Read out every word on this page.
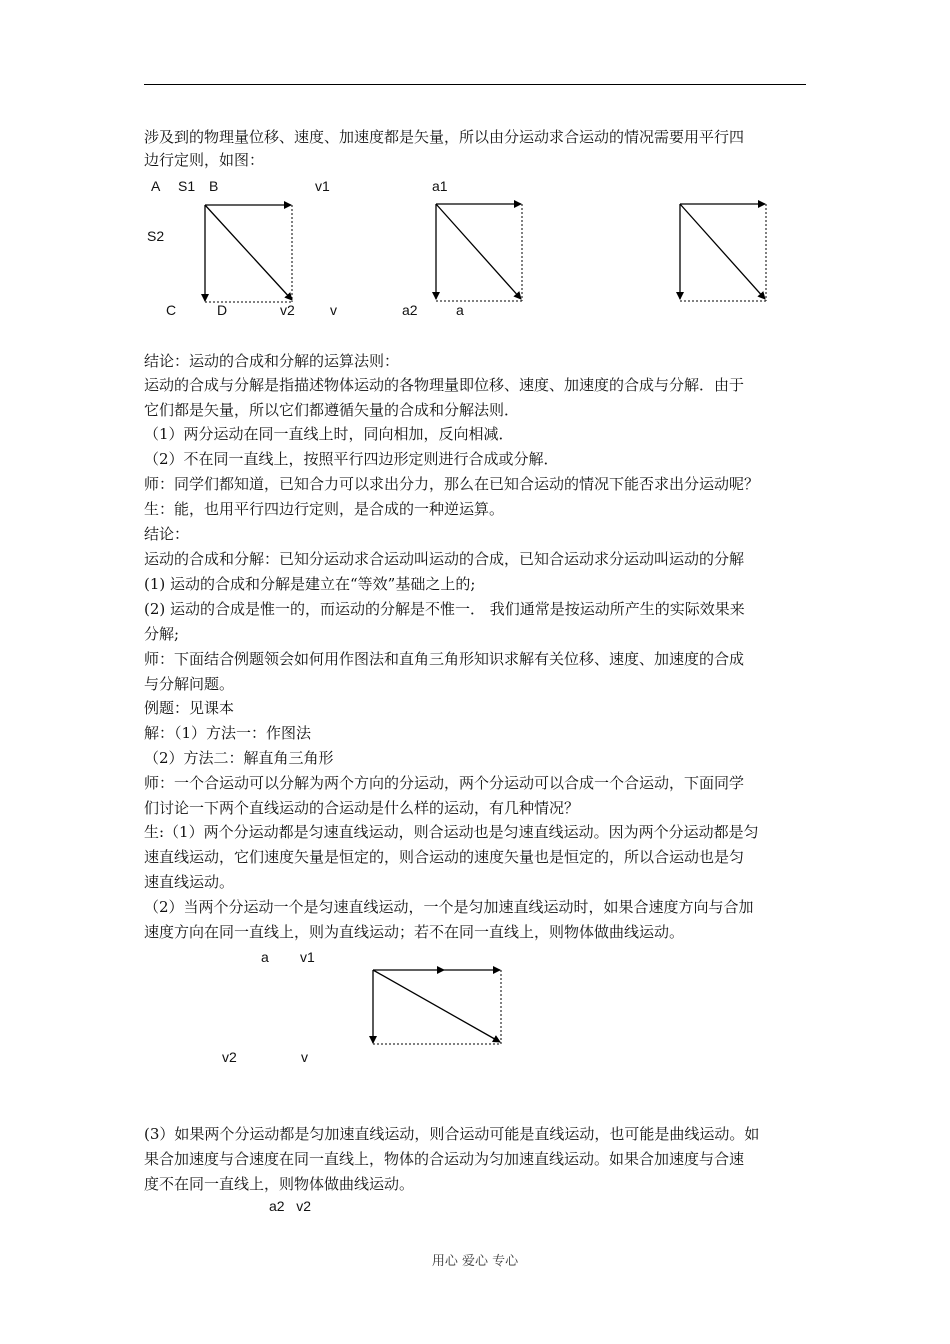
涉及到的物理量位移、速度、加速度都是矢量，所以由分运动求合运动的情况需要用平行四
边行定则，如图：
A S1 B	v1	a1
S2
C	D	v2	v	a2	a
结论：运动的合成和分解的运算法则：
运动的合成与分解是指描述物体运动的各物理量即位移、速度、加速度的合成与分解．由于
它们都是矢量，所以它们都遵循矢量的合成和分解法则．
（1）两分运动在同一直线上时，同向相加，反向相减．
（2）不在同一直线上，按照平行四边形定则进行合成或分解．
师：同学们都知道，已知合力可以求出分力，那么在已知合运动的情况下能否求出分运动呢？
生：能，也用平行四边行定则，是合成的一种逆运算。
结论：
运动的合成和分解：已知分运动求合运动叫运动的合成，已知合运动求分运动叫运动的分解
(1) 运动的合成和分解是建立在“等效”基础之上的;
(2) 运动的合成是惟一的，而运动的分解是不惟一． 我们通常是按运动所产生的实际效果来
分解;
师：下面结合例题领会如何用作图法和直角三角形知识求解有关位移、速度、加速度的合成
与分解问题。
例题：见课本
解：（1）方法一：作图法
（2）方法二：解直角三角形
师：一个合运动可以分解为两个方向的分运动，两个分运动可以合成一个合运动，下面同学
们讨论一下两个直线运动的合运动是什么样的运动，有几种情况？
生:（1）两个分运动都是匀速直线运动，则合运动也是匀速直线运动。因为两个分运动都是匀
速直线运动，它们速度矢量是恒定的，则合运动的速度矢量也是恒定的，所以合运动也是匀
速直线运动。
（2）当两个分运动一个是匀速直线运动，一个是匀加速直线运动时，如果合速度方向与合加
速度方向在同一直线上，则为直线运动；若不在同一直线上，则物体做曲线运动。
a v1
v2	v
(3）如果两个分运动都是匀加速直线运动，则合运动可能是直线运动，也可能是曲线运动。如
果合加速度与合速度在同一直线上，物体的合运动为匀加速直线运动。如果合加速度与合速
度不在同一直线上，则物体做曲线运动。
a2   v2
用心 爱心 专心
